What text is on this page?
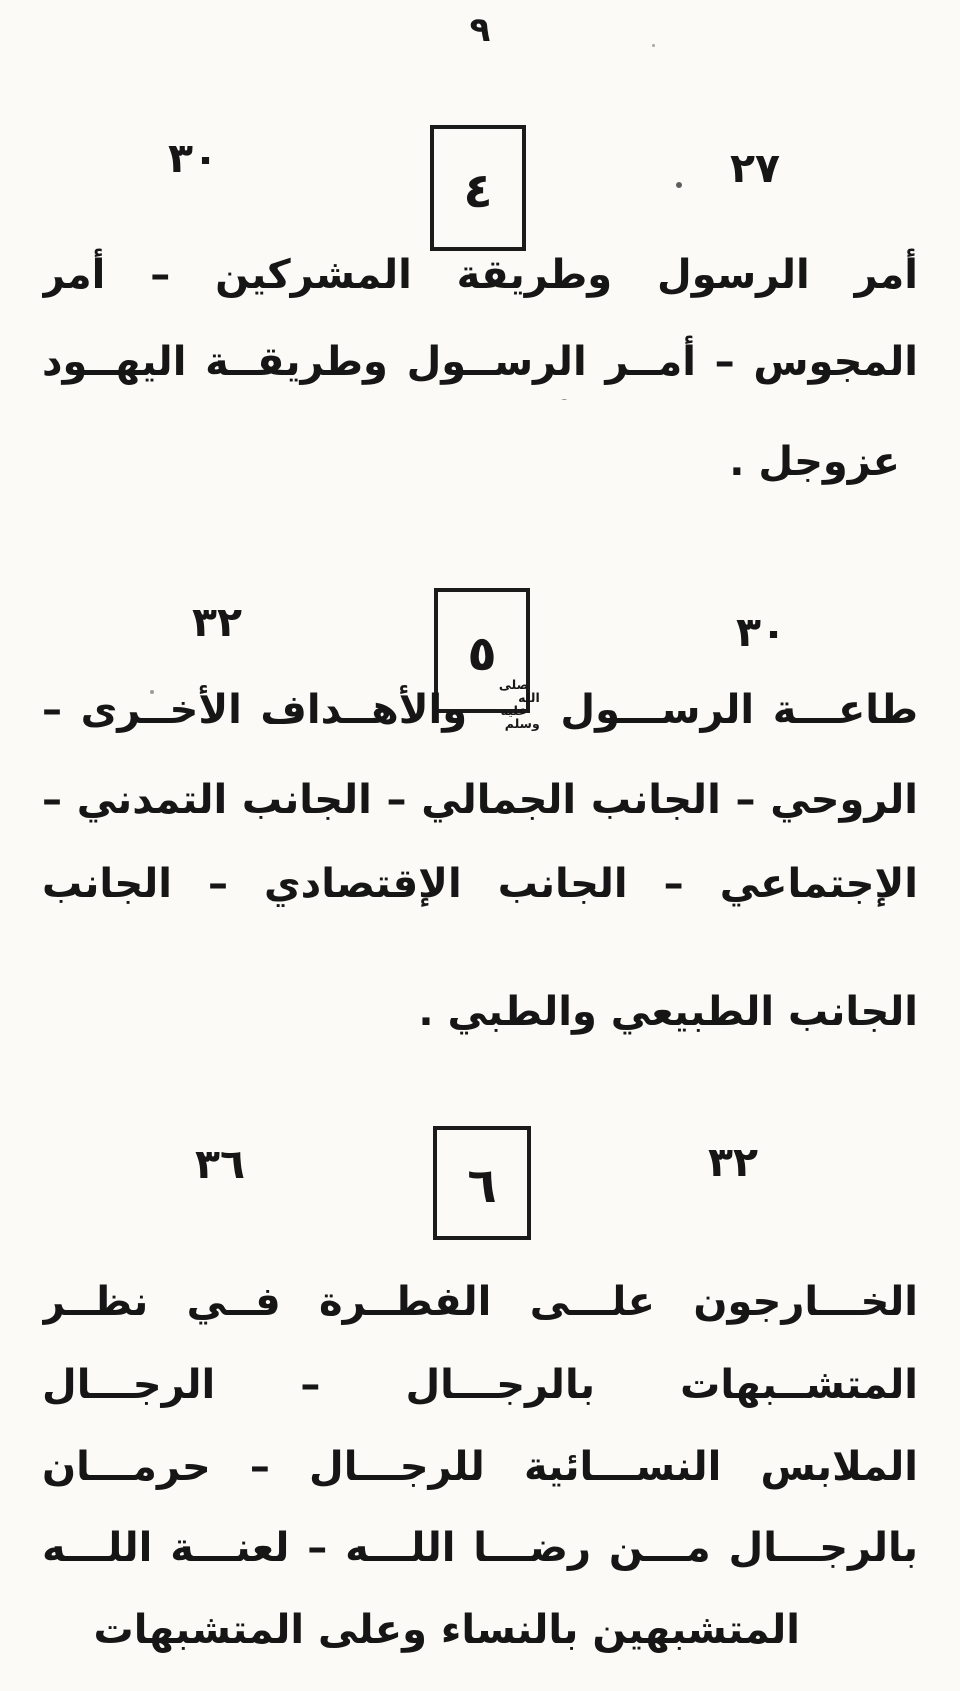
٩
٣٠
٤	٢٧
أمر الرسول وطريقة المشركين – أمر
المجوس – أمــر الرســول وطريقــة اليهــود
عزوجل .
٣٢
٥	٣٠
طاعـــة الرســـول
صلى الله
عليه وسلم
والأهــداف الأخــرى –
الروحي – الجانب الجمالي – الجانب التمدني –
الإجتماعي – الجانب الإقتصادي – الجانب
الجانب الطبيعي والطبي .
٣٦	٦	٣٢
الخـــارجون علـــى الفطــرة فــي نظــر
المتشــبهات بالرجـــال – الرجـــال
الملابس النســـائية للرجـــال – حرمـــان
بالرجـــال مـــن رضـــا اللـــه – لعنـــة اللـــه
المتشبهين بالنساء وعلى المتشبهات
